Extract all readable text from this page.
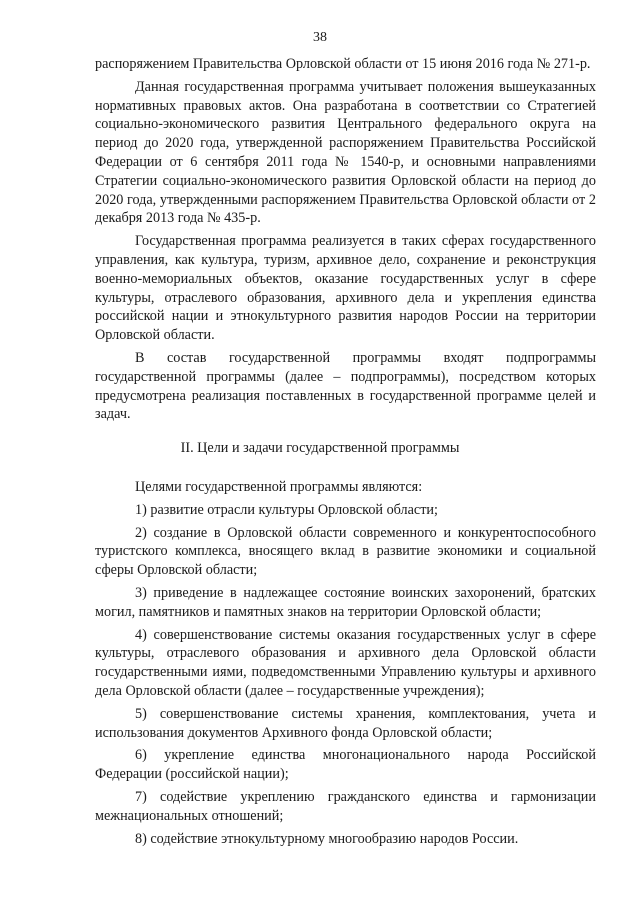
38

распоряжением Правительства Орловской области от 15 июня 2016 года № 271-р.

Данная государственная программа учитывает положения вышеуказанных нормативных правовых актов. Она разработана в соответствии со Стратегией социально-экономического развития Центрального федерального округа на период до 2020 года, утвержденной распоряжением Правительства Российской Федерации от 6 сентября 2011 года № 1540-р, и основными направлениями Стратегии социально-экономического развития Орловской области на период до 2020 года, утвержденными распоряжением Правительства Орловской области от 2 декабря 2013 года № 435-р.

Государственная программа реализуется в таких сферах государственного управления, как культура, туризм, архивное дело, сохранение и реконструкция военно-мемориальных объектов, оказание государственных услуг в сфере культуры, отраслевого образования, архивного дела и укрепления единства российской нации и этнокультурного развития народов России на территории Орловской области.

В состав государственной программы входят подпрограммы государственной программы (далее – подпрограммы), посредством которых предусмотрена реализация поставленных в государственной программе целей и задач.

II. Цели и задачи государственной программы

Целями государственной программы являются:

1) развитие отрасли культуры Орловской области;
2) создание в Орловской области современного и конкурентоспособного туристского комплекса, вносящего вклад в развитие экономики и социальной сферы Орловской области;
3) приведение в надлежащее состояние воинских захоронений, братских могил, памятников и памятных знаков на территории Орловской области;
4) совершенствование системы оказания государственных услуг в сфере культуры, отраслевого образования и архивного дела Орловской области государственными иями, подведомственными Управлению культуры и архивного дела Орловской области (далее – государственные учреждения);
5) совершенствование системы хранения, комплектования, учета и использования документов Архивного фонда Орловской области;
6) укрепление единства многонационального народа Российской Федерации (российской нации);
7) содействие укреплению гражданского единства и гармонизации межнациональных отношений;
8) содействие этнокультурному многообразию народов России.
